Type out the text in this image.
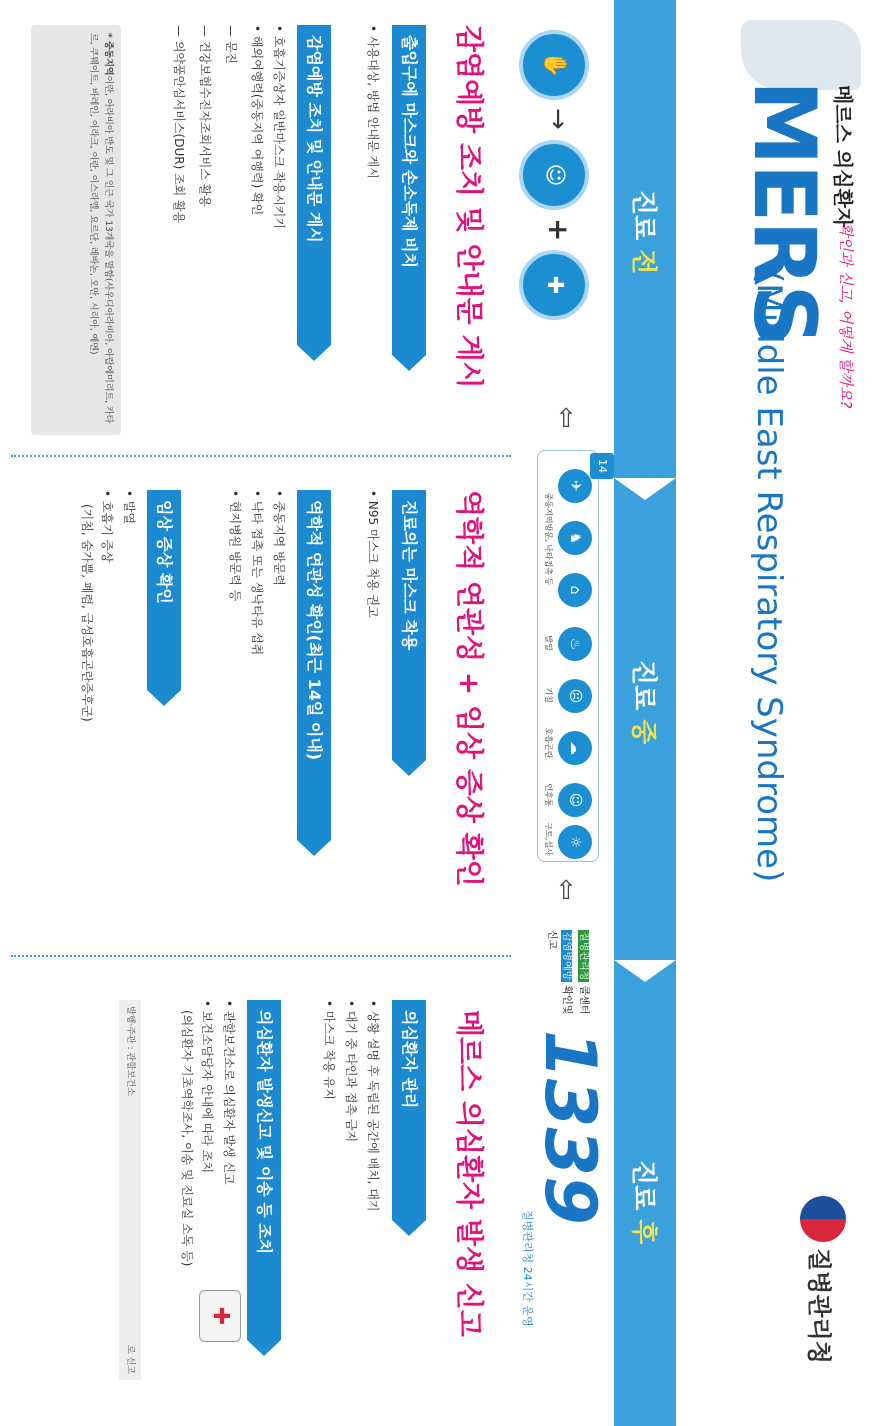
메르스 의심환자
확인과 신고, 어떻게 할까요?
MERS
(Middle East Respiratory Syndrome)
질병관리청
진료 전
진료 중
진료 후
✋
→
☺
+
✚
⇧
14
✈
♞
⌂
♨
☹
☁
☺
☼
중동지역방문, 낙타접촉 등
발열
기침
호흡곤란
인후통
구토,설사
⇧
질병관리청 콜센터
감염병예방 확인및 신고
1339
질병관리청 24시간 운영
감염예방 조치 및 안내문 게시
역학적 연관성 + 임상 증상 확인
메르스 의심환자 발생 신고
출입구에 마스크와 손소독제 비치
• 사용대상, 방법 안내문 게시
감염예방 조치 및 안내문 게시
• 호흡기증상자 일반마스크 착용시키기
• 해외여행력(중동지역 여행력) 확인
— 문진
— 건강보험수진자조회서비스 활용
— 의약품안심서비스(DUR) 조회 활용
* 중동지역이란, 아라비아 반도 및 그 인근 국가 13개국을 말함(사우디아라비아, 아랍에미리트, 카타르, 쿠웨이트, 바레인, 이라크, 이란, 이스라엘, 요르단, 레바논, 오만, 시리아, 예멘)
진료의는 마스크 착용
• N95 마스크 착용 권고
역학적 연관성 확인(최근 14일 이내)
• 중동지역 방문력
• 낙타 접촉 또는 생낙타유 섭취
• 현지병원 방문력 등
임상 증상 확인
• 발열
• 호흡기 증상
(기침, 숨가쁨, 폐렴, 급성호흡곤란증후군)
의심환자 관리
• 상황 설명 후 독립된 공간에 배치, 대기
• 대기 중 타인과 접촉 금지
• 마스크 착용 유지
의심환자 발생신고 및 이송 등 조치
• 관할보건소로 의심환자 발생 신고
• 보건소담당자 안내에 따라 조치
(의심환자 기초역학조사, 이송 및 진료실 소독 등)
✚
발행·주관 : 관할보건소
로 신고
